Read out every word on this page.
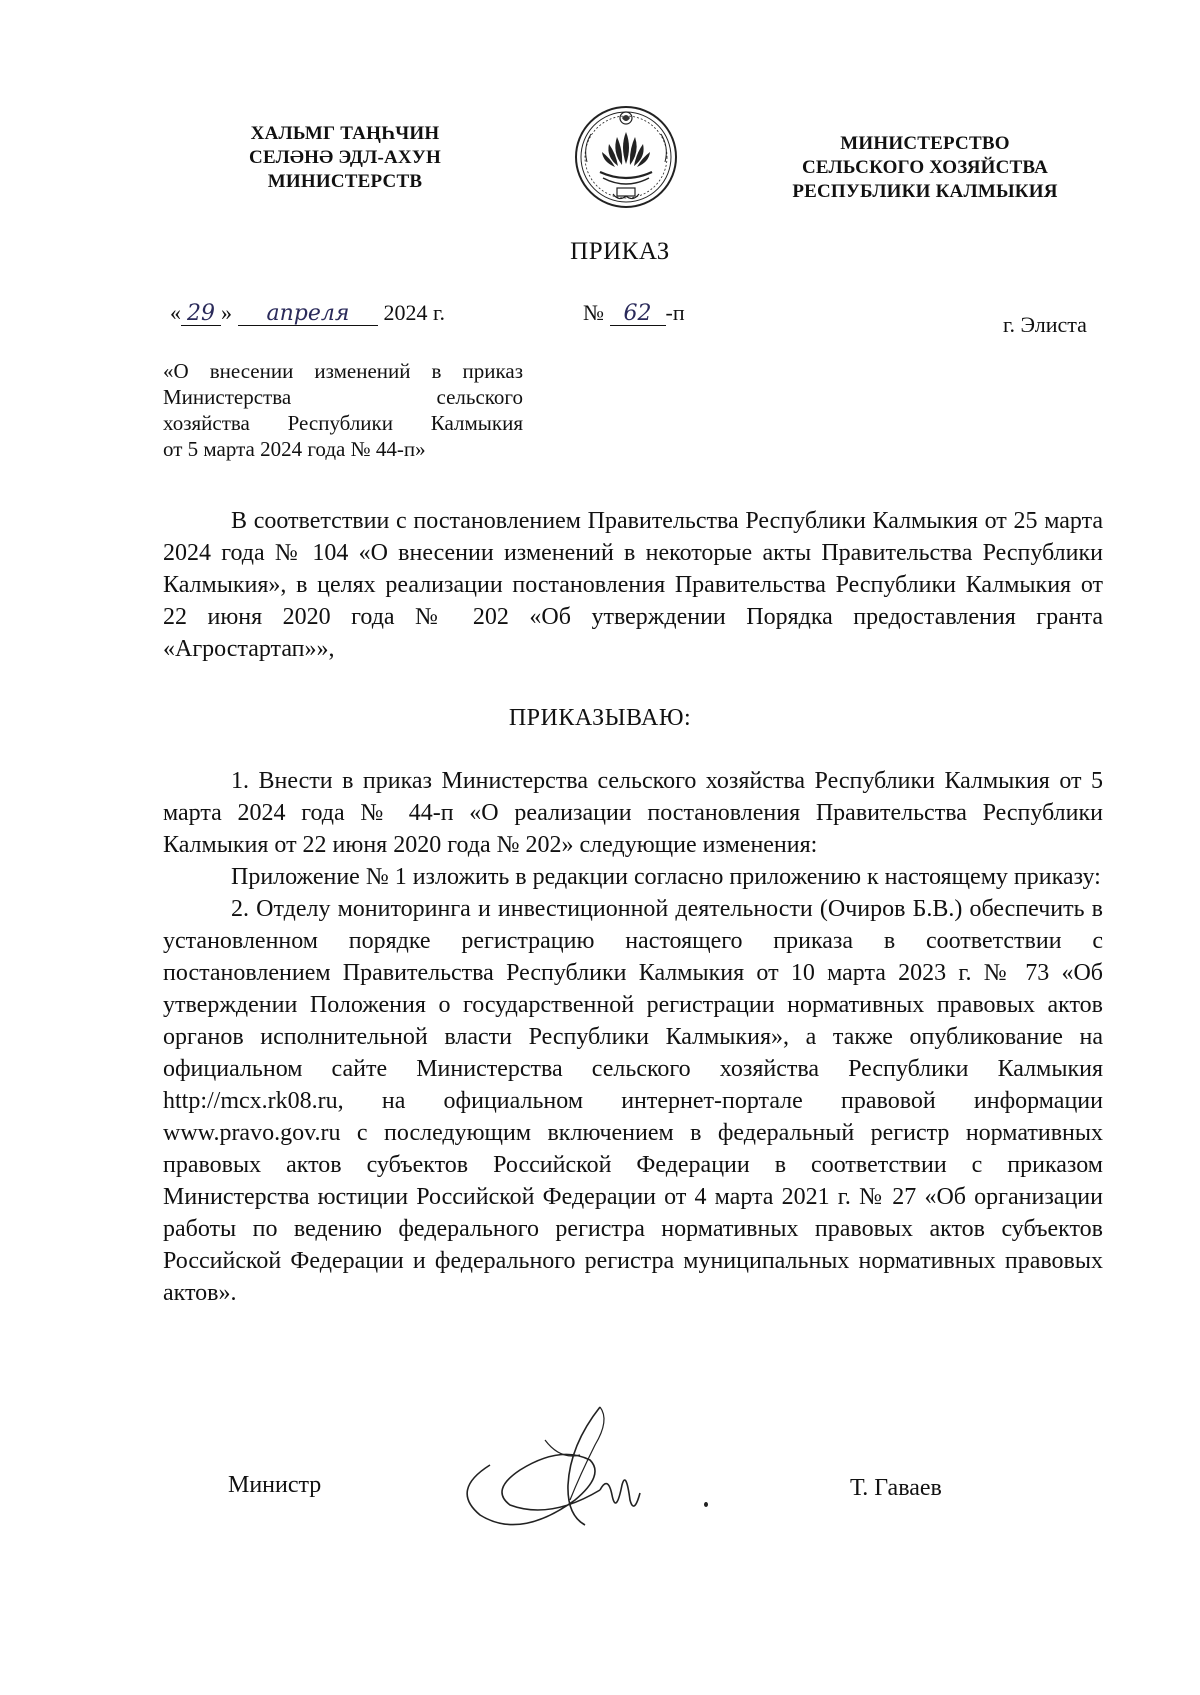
ХАЛЬМГ ТАҢҺЧИН
СЕЛӘНӘ ЭДЛ-АХУН
МИНИСТЕРСТВ
МИНИСТЕРСТВО
СЕЛЬСКОГО ХОЗЯЙСТВА
РЕСПУБЛИКИ КАЛМЫКИЯ
ПРИКАЗ
« 29 » апреля 2024 г.	№ 62 -п	г. Элиста
«О внесении изменений в приказ
Министерства сельского
хозяйства Республики Калмыкия
от 5 марта 2024 года № 44-п»

В соответствии с постановлением Правительства Республики Калмыкия от 25 марта 2024 года № 104 «О внесении изменений в некоторые акты Правительства Республики Калмыкия», в целях реализации постановления Правительства Республики Калмыкия от 22 июня 2020 года № 202 «Об утверждении Порядка предоставления гранта «Агростартап»»,

ПРИКАЗЫВАЮ:

1. Внести в приказ Министерства сельского хозяйства Республики Калмыкия от 5 марта 2024 года № 44-п «О реализации постановления Правительства Республики Калмыкия от 22 июня 2020 года № 202» следующие изменения:

Приложение № 1 изложить в редакции согласно приложению к настоящему приказу:

2. Отделу мониторинга и инвестиционной деятельности (Очиров Б.В.) обеспечить в установленном порядке регистрацию настоящего приказа в соответствии с постановлением Правительства Республики Калмыкия от 10 марта 2023 г. № 73 «Об утверждении Положения о государственной регистрации нормативных правовых актов органов исполнительной власти Республики Калмыкия», а также опубликование на официальном сайте Министерства сельского хозяйства Республики Калмыкия http://mcx.rk08.ru, на официальном интернет-портале правовой информации www.pravo.gov.ru с последующим включением в федеральный регистр нормативных правовых актов субъектов Российской Федерации в соответствии с приказом Министерства юстиции Российской Федерации от 4 марта 2021 г. № 27 «Об организации работы по ведению федерального регистра нормативных правовых актов субъектов Российской Федерации и федерального регистра муниципальных нормативных правовых актов».

Министр	Т. Гаваев
